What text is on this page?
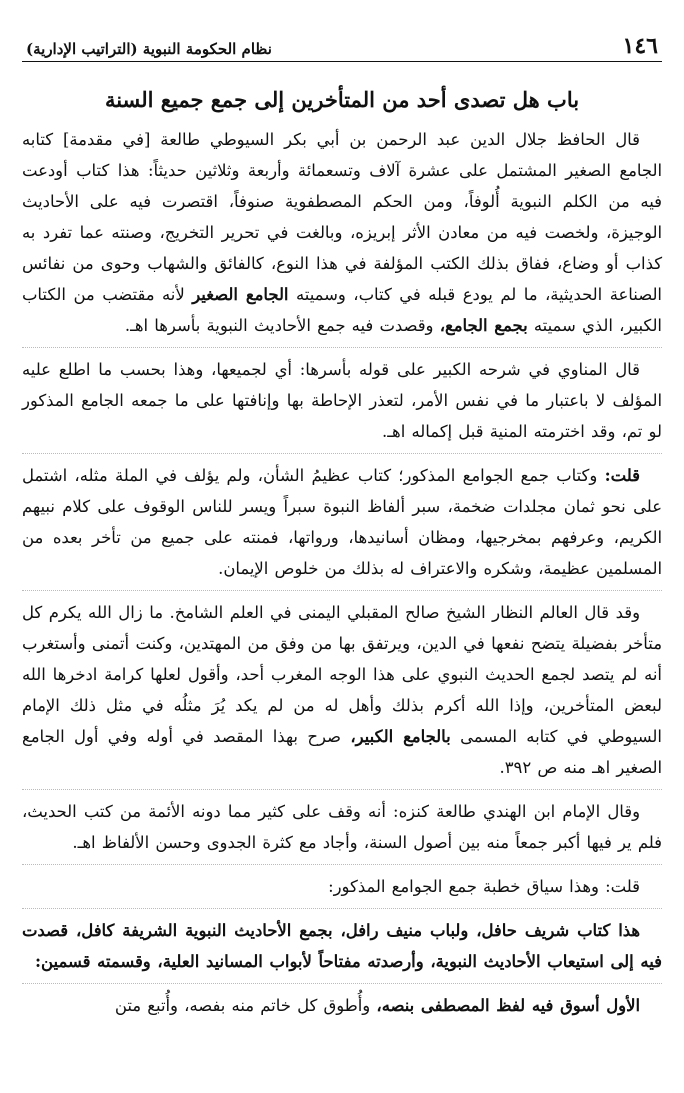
١٤٦
نظام الحكومة النبوية (التراتيب الإدارية)
باب هل تصدى أحد من المتأخرين إلى جمع جميع السنة

قال الحافظ جلال الدين عبد الرحمن بن أبي بكر السيوطي طالعة [في مقدمة] كتابه الجامع الصغير المشتمل على عشرة آلاف وتسعمائة وأربعة وثلاثين حديثاً: هذا كتاب أودعت فيه من الكلم النبوية أُلوفاً، ومن الحكم المصطفوية صنوفاً، اقتصرت فيه على الأحاديث الوجيزة، ولخصت فيه من معادن الأثر إبريزه، وبالغت في تحرير التخريج، وصنته عما تفرد به كذاب أو وضاع، ففاق بذلك الكتب المؤلفة في هذا النوع، كالفائق والشهاب وحوى من نفائس الصناعة الحديثية، ما لم يودع قبله في كتاب، وسميته الجامع الصغير لأنه مقتضب من الكتاب الكبير، الذي سميته بجمع الجامع، وقصدت فيه جمع الأحاديث النبوية بأسرها اهـ.

قال المناوي في شرحه الكبير على قوله بأسرها: أي لجميعها، وهذا بحسب ما اطلع عليه المؤلف لا باعتبار ما في نفس الأمر، لتعذر الإحاطة بها وإنافتها على ما جمعه الجامع المذكور لو تم، وقد اخترمته المنية قبل إكماله اهـ.

قلت: وكتاب جمع الجوامع المذكور؛ كتاب عظيمُ الشأن، ولم يؤلف في الملة مثله، اشتمل على نحو ثمان مجلدات ضخمة، سبر ألفاظ النبوة سبراً ويسر للناس الوقوف على كلام نبيهم الكريم، وعرفهم بمخرجيها، ومظان أسانيدها، ورواتها، فمنته على جميع من تأخر بعده من المسلمين عظيمة، وشكره والاعتراف له بذلك من خلوص الإيمان.

وقد قال العالم النظار الشيخ صالح المقبلي اليمنى في العلم الشامخ. ما زال الله يكرم كل متأخر بفضيلة يتضح نفعها في الدين، ويرتفق بها من وفق من المهتدين، وكنت أتمنى وأستغرب أنه لم يتصد لجمع الحديث النبوي على هذا الوجه المغرب أحد، وأقول لعلها كرامة ادخرها الله لبعض المتأخرين، وإذا الله أكرم بذلك وأهل له من لم يكد يُرَ مثلُه في مثل ذلك الإمام السيوطي في كتابه المسمى بالجامع الكبير، صرح بهذا المقصد في أوله وفي أول الجامع الصغير اهـ منه ص ٣٩٢.

وقال الإمام ابن الهندي طالعة كنزه: أنه وقف على كثير مما دونه الأئمة من كتب الحديث، فلم ير فيها أكبر جمعاً منه بين أصول السنة، وأجاد مع كثرة الجدوى وحسن الألفاظ اهـ.

قلت: وهذا سياق خطبة جمع الجوامع المذكور:

هذا كتاب شريف حافل، ولباب منيف رافل، بجمع الأحاديث النبوية الشريفة كافل، قصدت فيه إلى استيعاب الأحاديث النبوية، وأرصدته مفتاحاً لأبواب المسانيد العلية، وقسمته قسمين:

الأول أسوق فيه لفظ المصطفى بنصه، وأُطوق كل خاتم منه بفصه، وأُتبع متن
